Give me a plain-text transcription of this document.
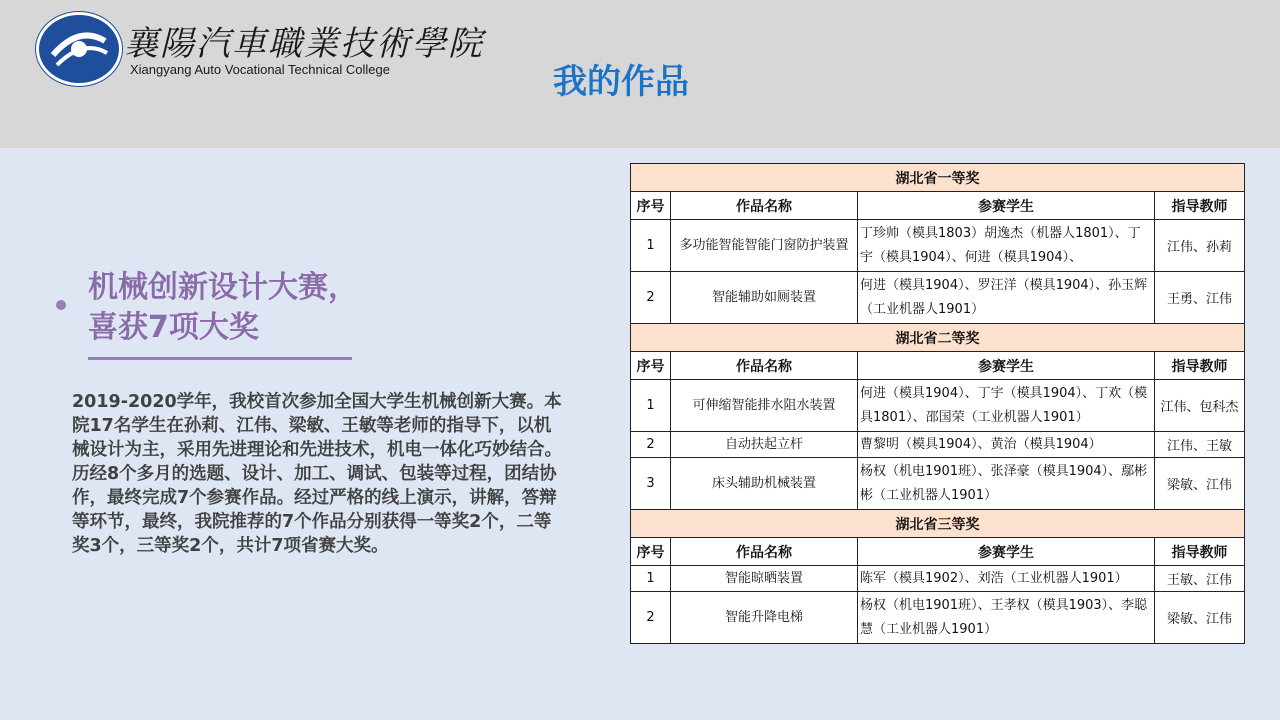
襄陽汽車職業技術學院
Xiangyang Auto Vocational Technical College	我的作品
机械创新设计大赛，
喜获7项大奖
2019-2020学年，我校首次参加全国大学生机械创新大赛。本院17名学生在孙莉、江伟、梁敏、王敏等老师的指导下，以机械设计为主，采用先进理论和先进技术，机电一体化巧妙结合。历经8个多月的选题、设计、加工、调试、包装等过程，团结协作，最终完成7个参赛作品。经过严格的线上演示，讲解，答辩等环节，最终，我院推荐的7个作品分别获得一等奖2个，二等奖3个，三等奖2个，共计7项省赛大奖。
湖北省一等奖			
序号	作品名称	参赛学生	指导教师
1	多功能智能智能门窗防护装置	丁珍帅（模具1803）胡逸杰（机器人1801）、丁宇（模具1904）、何进（模具1904）、	江伟、孙莉
2	智能辅助如厕装置	何进（模具1904）、罗汪洋（模具1904）、孙玉辉（工业机器人1901）	王勇、江伟
湖北省二等奖			
序号	作品名称	参赛学生	指导教师
1	可伸缩智能排水阻水装置	何进（模具1904）、丁宇（模具1904）、丁欢（模具1801）、邵国荣（工业机器人1901）	江伟、包科杰
2	自动扶起立杆	曹黎明（模具1904）、黄治（模具1904）	江伟、王敏
3	床头辅助机械装置	杨权（机电1901班）、张泽豪（模具1904）、鄢彬彬（工业机器人1901）	梁敏、江伟
湖北省三等奖			
序号	作品名称	参赛学生	指导教师
1	智能晾晒装置	陈军（模具1902）、刘浩（工业机器人1901）	王敏、江伟
2	智能升降电梯	杨权（机电1901班）、王孝权（模具1903）、李聪慧（工业机器人1901）	梁敏、江伟
